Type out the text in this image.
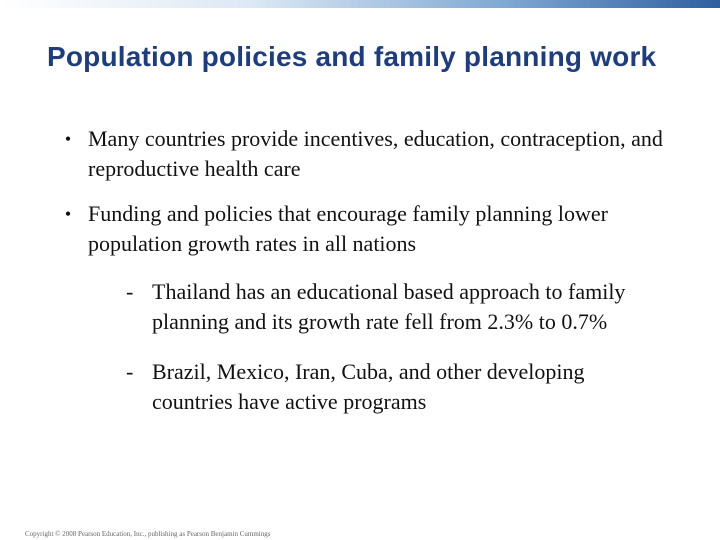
Population policies and family planning work
• Many countries provide incentives, education, contraception, and reproductive health care
• Funding and policies that encourage family planning lower population growth rates in all nations
- Thailand has an educational based approach to family planning and its growth rate fell from 2.3% to 0.7%
- Brazil, Mexico, Iran, Cuba, and other developing countries have active programs
Copyright © 2008 Pearson Education, Inc., publishing as Pearson Benjamin Cummings
